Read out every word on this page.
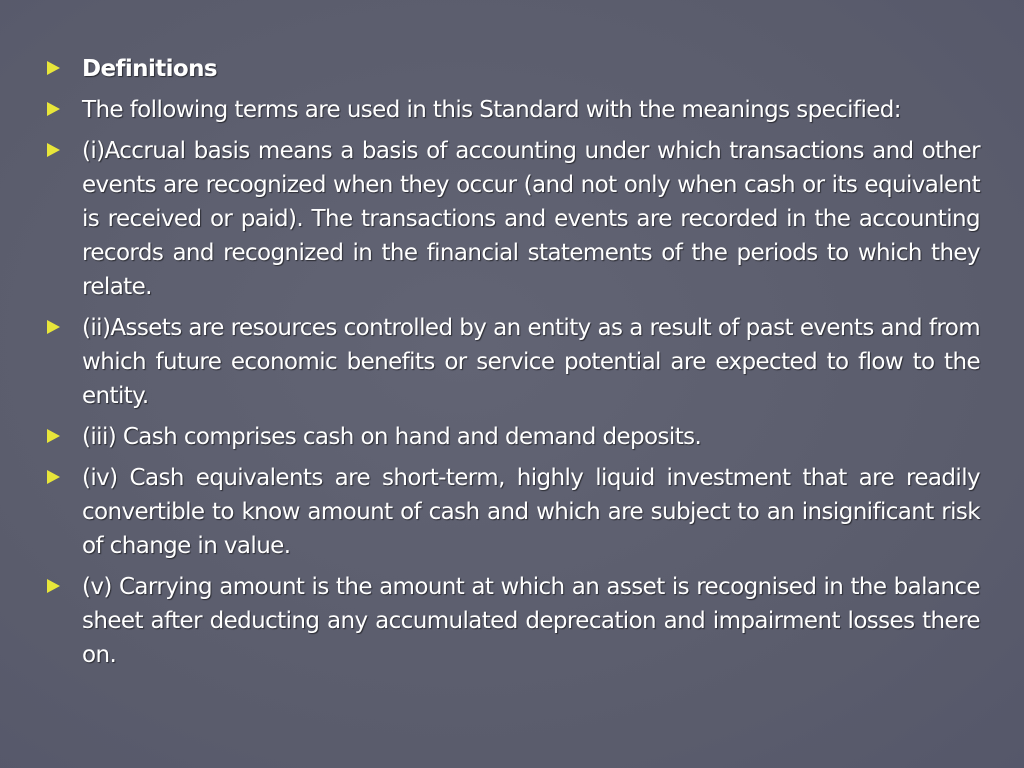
Definitions
The following terms are used in this Standard with the meanings specified:
(i)Accrual basis means a basis of accounting under which transactions and other events are recognized when they occur (and not only when cash or its equivalent is received or paid). The transactions and events are recorded in the accounting records and recognized in the financial statements of the periods to which they relate.
(ii)Assets are resources controlled by an entity as a result of past events and from which future economic benefits or service potential are expected to flow to the entity.
(iii) Cash comprises cash on hand and demand deposits.
(iv) Cash equivalents are short-term, highly liquid investment that are readily convertible to know amount of cash and which are subject to an insignificant risk of change in value.
(v) Carrying amount is the amount at which an asset is recognised in the balance sheet after deducting any accumulated deprecation and impairment losses there on.
